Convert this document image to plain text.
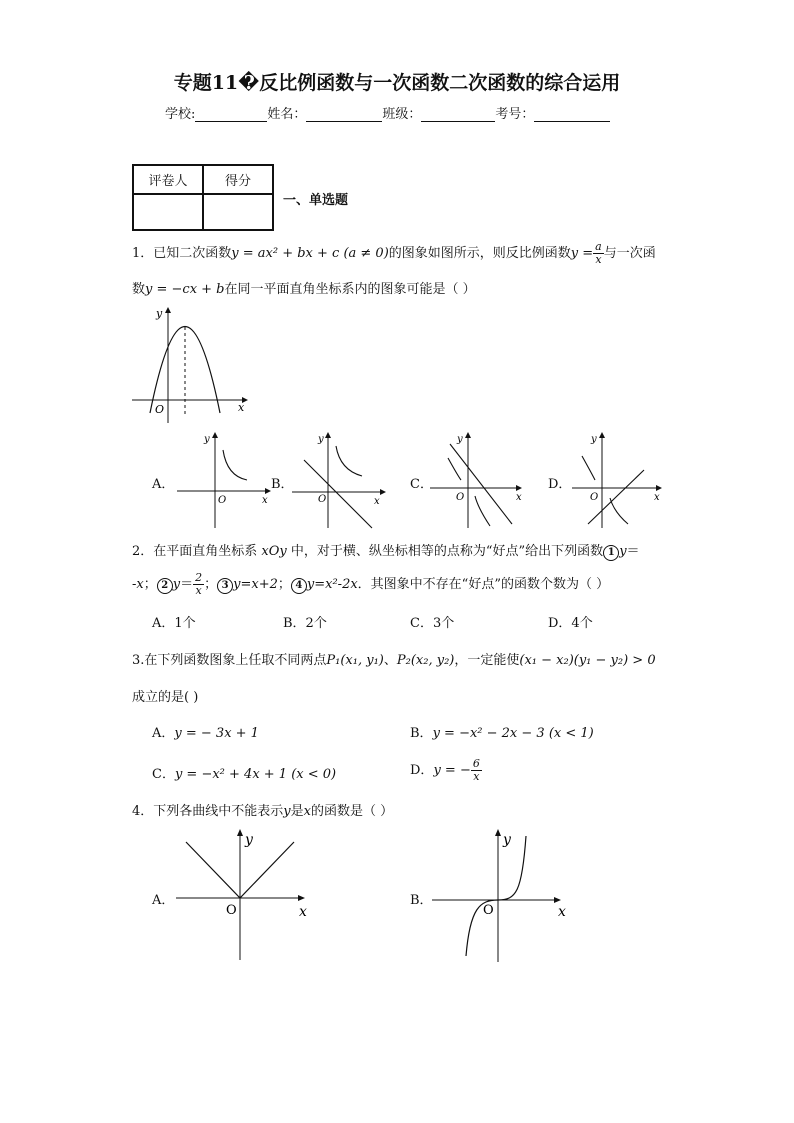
专题11�反比例函数与一次函数二次函数的综合运用
学校:	姓名：	班级：	考号：
评卷人	得分

一、单选题
1．已知二次函数y = ax² + bx + c (a ≠ 0)的图象如图所示，则反比例函数$y = \frac{a}{x}$ 与一次函
数y = −cx + b在同一平面直角坐标系内的图象可能是（ ）
x
y
O
A．
x
y
O
B．
x
y
O
C．
x
y
O
D．
x
y
O
2．在平面直角坐标系 xOy 中，对于横、纵坐标相等的点称为“好点”给出下列函数 1 y＝
-x； 2 $y= \frac{2}{x}$ ； 3 y=x+2； 4 y=x²-2x．其图象中不存在“好点”的函数个数为（ ）
A．1个	B．2个	C．3个	D．4个
3.在下列函数图象上任取不同两点P₁(x₁, y₁)、P₂(x₂, y₂)，一定能使(x₁ − x₂)(y₁ − y₂) > 0
成立的是( )
A．y = − 3x + 1	B．y = −x² − 2x − 3 (x < 1)
C．y = −x² + 4x + 1 (x < 0)	D．y = − $\frac{6}{x}$
4．下列各曲线中不能表示y是x的函数是（ ）
A．
x
y
O
B．
x
y
O
